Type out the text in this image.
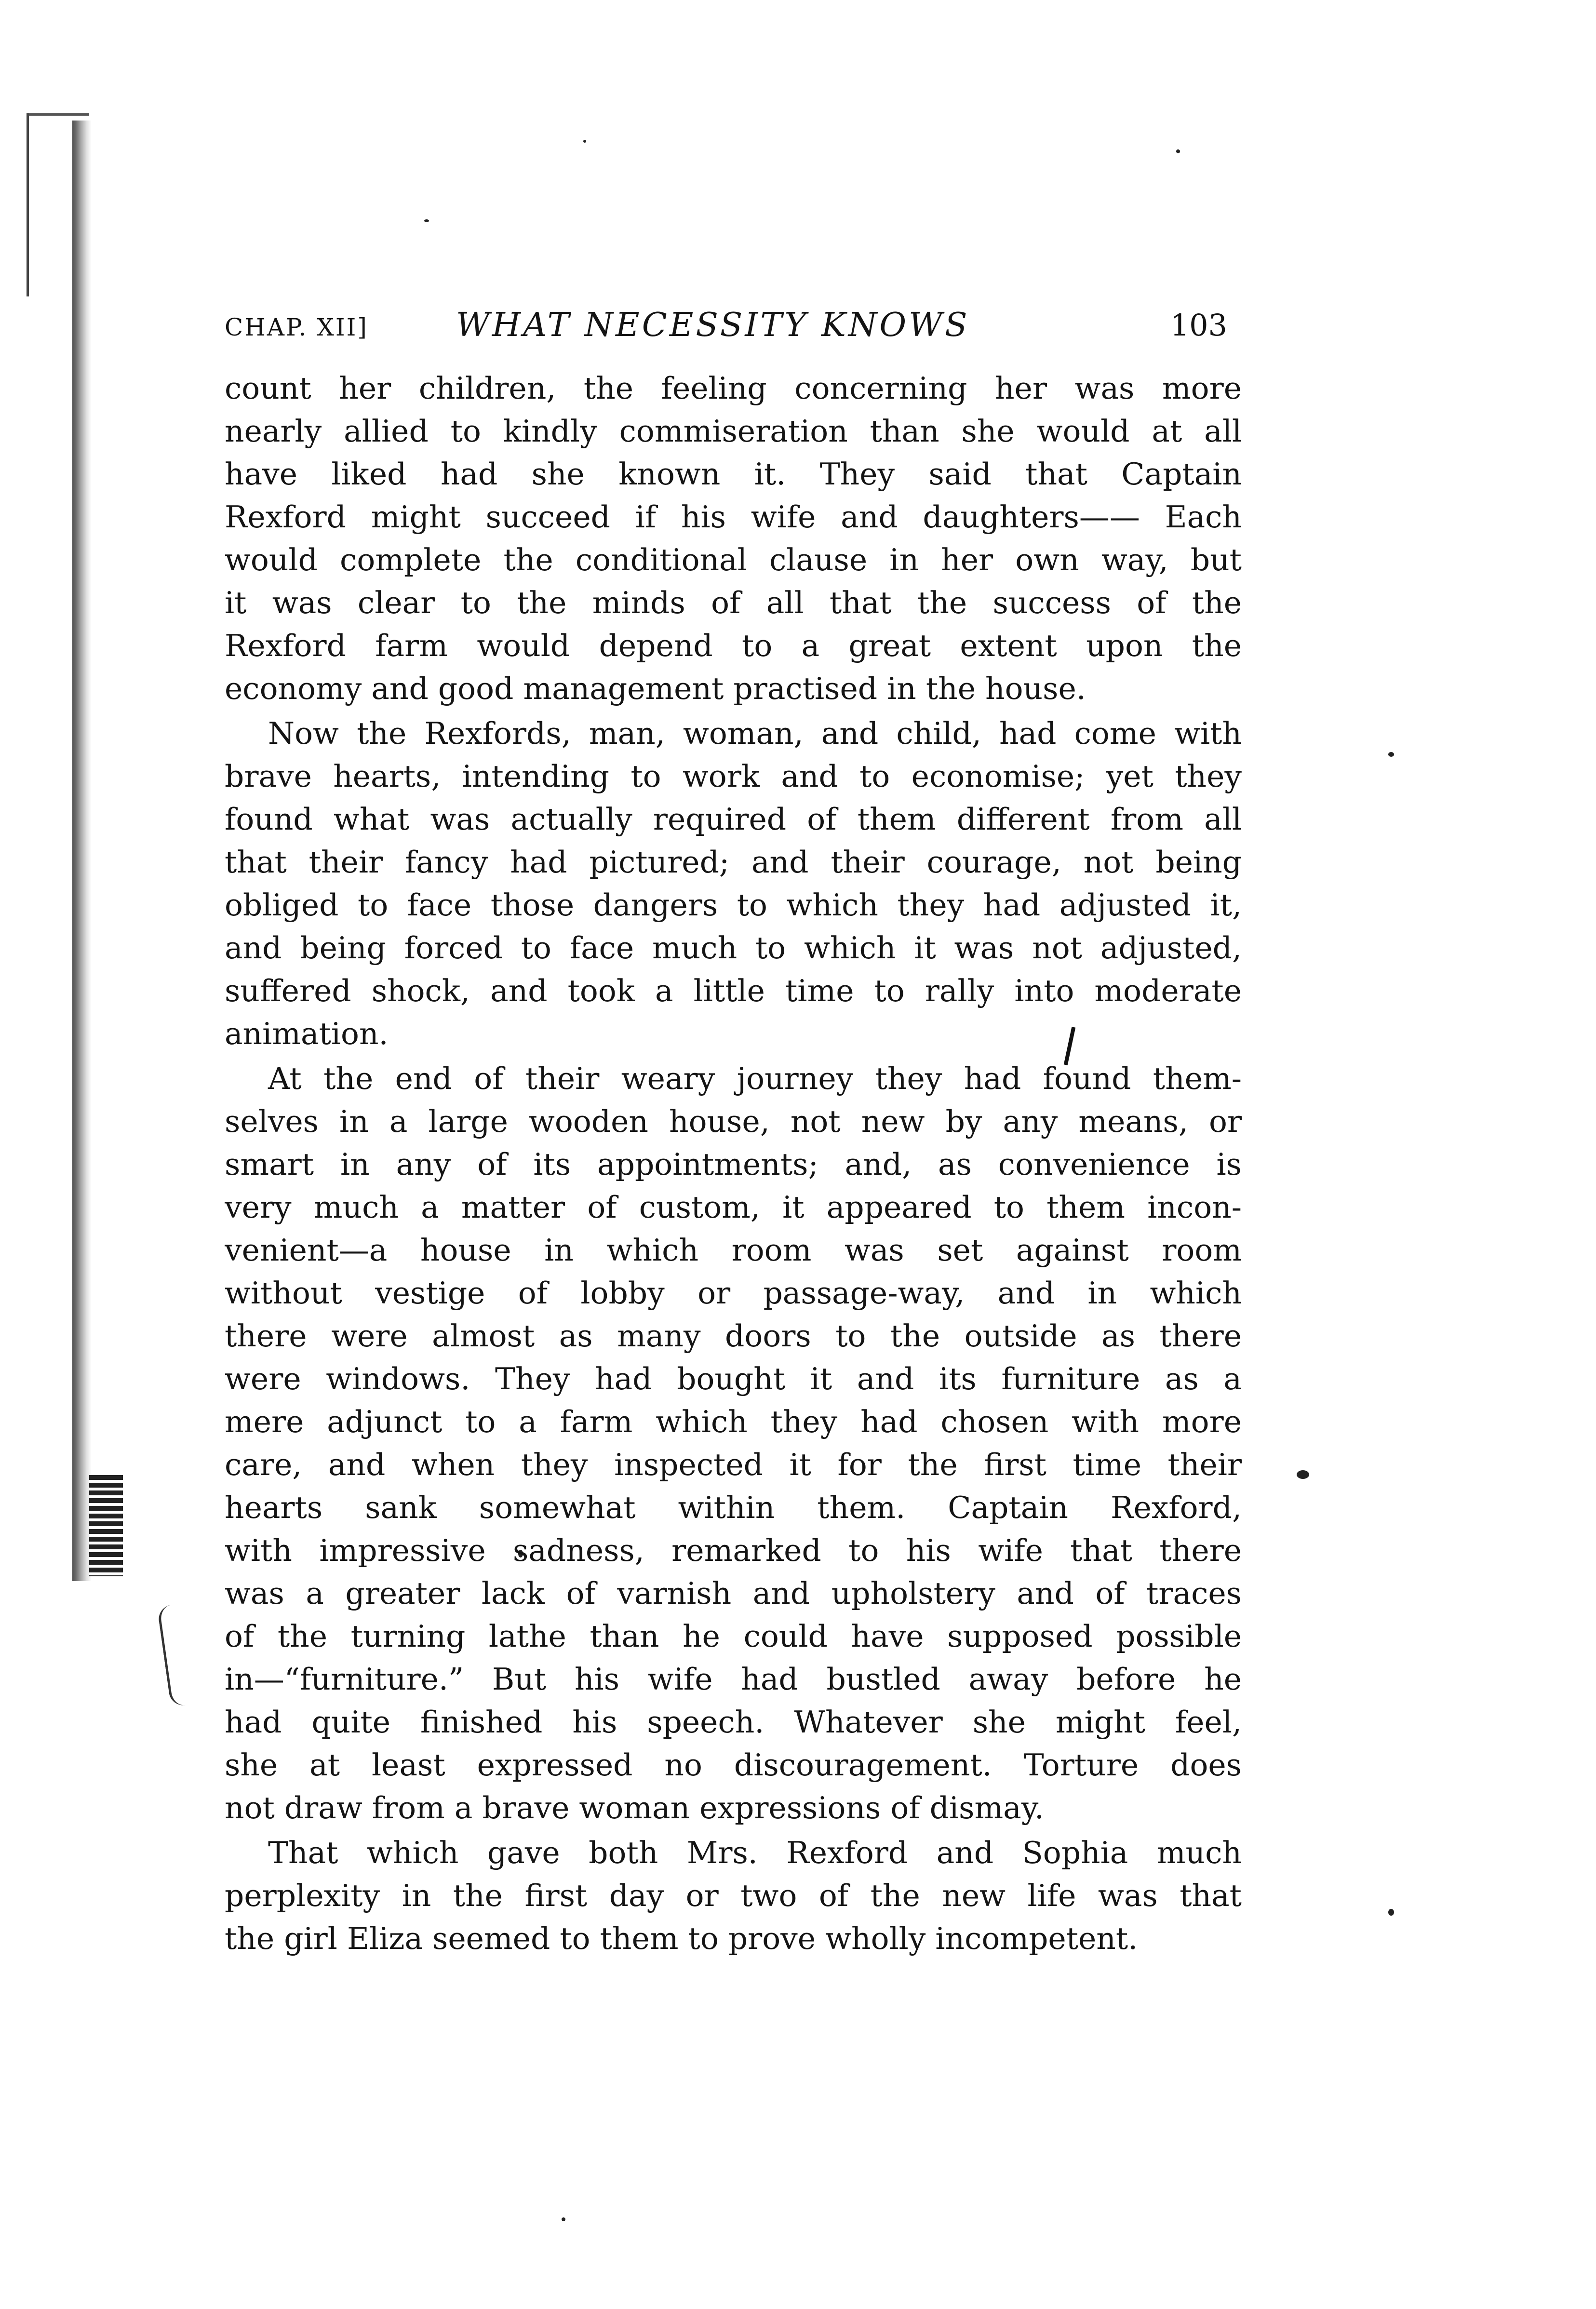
CHAP. XII]	WHAT NECESSITY KNOWS	103

count her children, the feeling concerning her was more
nearly allied to kindly commiseration than she would at all
have liked had she known it. They said that Captain
Rexford might succeed if his wife and daughters—— Each
would complete the conditional clause in her own way, but
it was clear to the minds of all that the success of the
Rexford farm would depend to a great extent upon the
economy and good management practised in the house.

Now the Rexfords, man, woman, and child, had come with
brave hearts, intending to work and to economise; yet they
found what was actually required of them different from all
that their fancy had pictured; and their courage, not being
obliged to face those dangers to which they had adjusted it,
and being forced to face much to which it was not adjusted,
suffered shock, and took a little time to rally into moderate
animation.

At the end of their weary journey they had found them-
selves in a large wooden house, not new by any means, or
smart in any of its appointments; and, as convenience is
very much a matter of custom, it appeared to them incon-
venient—a house in which room was set against room
without vestige of lobby or passage-way, and in which
there were almost as many doors to the outside as there
were windows. They had bought it and its furniture as a
mere adjunct to a farm which they had chosen with more
care, and when they inspected it for the first time their
hearts sank somewhat within them. Captain Rexford,
with impressive sadness, remarked to his wife that there
was a greater lack of varnish and upholstery and of traces
of the turning lathe than he could have supposed possible
in—“furniture.” But his wife had bustled away before he
had quite finished his speech. Whatever she might feel,
she at least expressed no discouragement. Torture does
not draw from a brave woman expressions of dismay.

That which gave both Mrs. Rexford and Sophia much
perplexity in the first day or two of the new life was that
the girl Eliza seemed to them to prove wholly incompetent.
